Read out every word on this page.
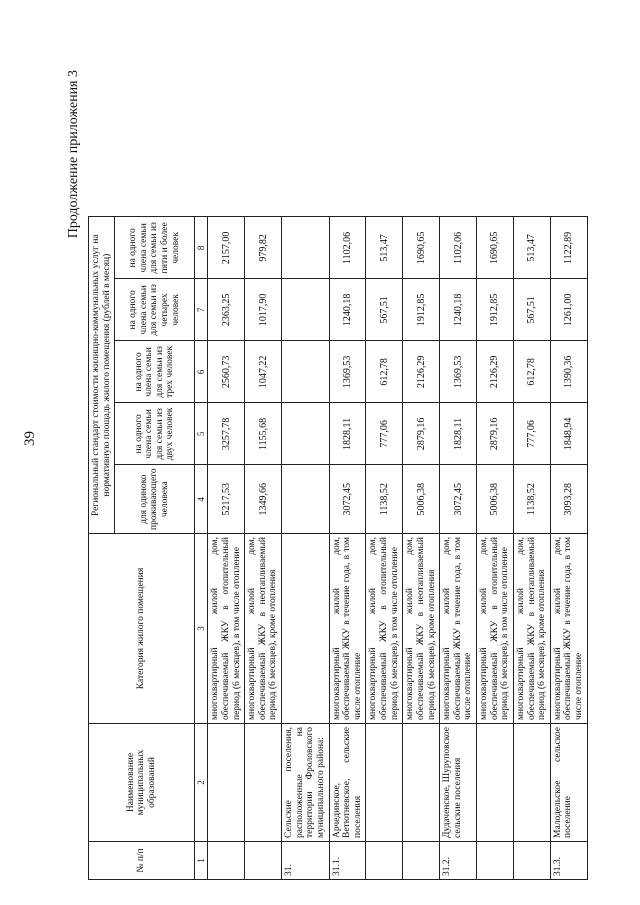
39
Продолжение приложения 3
№ п/п	Наименование муниципальных образований	Категория жилого помещения	Региональный стандарт стоимости жилищно-коммунальных услуг на нормативную площадь жилого помещения (рублей в месяц)				
			для одиноко проживающего человека	на одного члена семьи для семьи из двух человек	на одного члена семьи для семьи из трех человек	на одного члена семьи для семьи из четырех человек	на одного члена семьи для семьи из пяти и более человек
1	2	3	4	5	6	7	8
		многоквартирный жилой дом, обеспечиваемый ЖКУ в отопительный период (6 месяцев), в том числе отопление	5217,53	3257,78	2560,73	2363,25	2157,00
		многоквартирный жилой дом, обеспечиваемый ЖКУ в неотапливаемый период (6 месяцев), кроме отопления	1349,66	1155,68	1047,22	1017,90	979,82
31.	Сельские поселения, расположенные на территории Фроловского муниципального района:						
31.1.	Арчединское, Ветютневское, сельские поселения	многоквартирный жилой дом, обеспечиваемый ЖКУ в течение года, в том числе отопление	3072,45	1828,11	1369,53	1240,18	1102,06
		многоквартирный жилой дом, обеспечиваемый ЖКУ в отопительный период (6 месяцев), в том числе отопление	1138,52	777,06	612,78	567,51	513,47
		многоквартирный жилой дом, обеспечиваемый ЖКУ в неотапливаемый период (6 месяцев), кроме отопления	5006,38	2879,16	2126,29	1912,85	1690,65
31.2.	Дудаченское, Шуруповское сельские поселения	многоквартирный жилой дом, обеспечиваемый ЖКУ в течение года, в том числе отопление	3072,45	1828,11	1369,53	1240,18	1102,06
		многоквартирный жилой дом, обеспечиваемый ЖКУ в отопительный период (6 месяцев), в том числе отопление	5006,38	2879,16	2126,29	1912,85	1690,65
		многоквартирный жилой дом, обеспечиваемый ЖКУ в неотапливаемый период (6 месяцев), кроме отопления	1138,52	777,06	612,78	567,51	513,47
31.3.	Малодельское сельское поселение	многоквартирный жилой дом, обеспечиваемый ЖКУ в течение года, в том числе отопление	3093,28	1848,94	1390,36	1261,00	1122,89
